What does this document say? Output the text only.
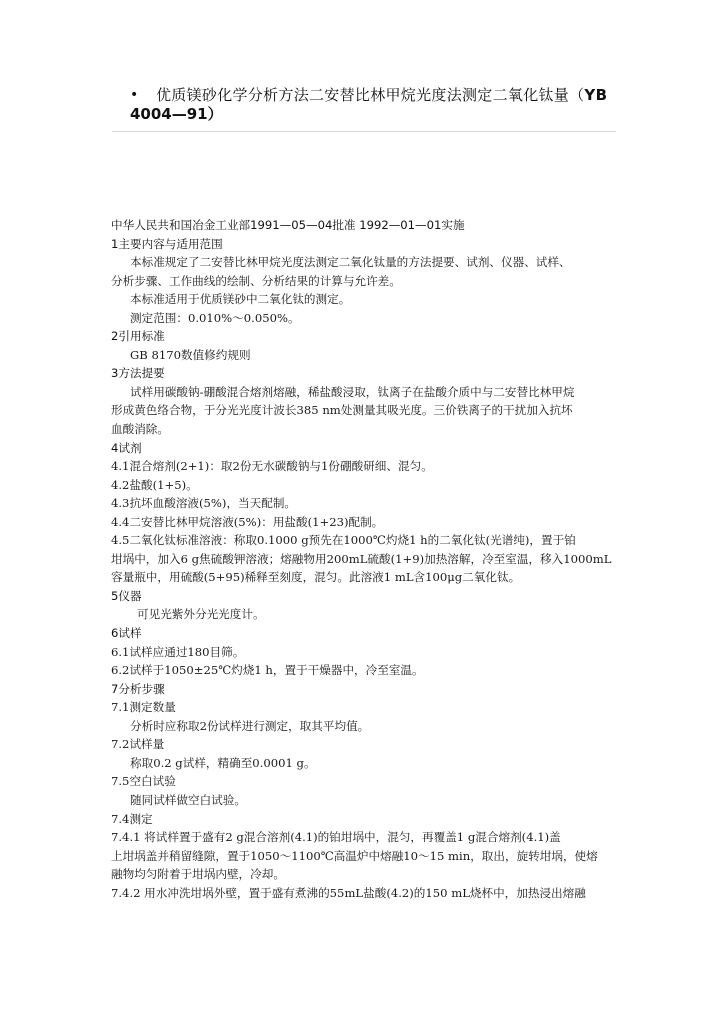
•	优质镁砂化学分析方法二安替比林甲烷光度法测定二氧化钛量（YB
4004—91）
中华人民共和国冶金工业部1991—05—04批准 1992—01—01实施
1主要内容与适用范围
本标准规定了二安替比林甲烷光度法测定二氧化钛量的方法提要、试剂、仪器、试样、
分析步骤、工作曲线的绘制、分析结果的计算与允许差。
本标准适用于优质镁砂中二氧化钛的测定。
测定范围：0.010%～0.050%。
2引用标准
GB 8170数值修约规则
3方法提要
试样用碳酸钠-硼酸混合熔剂熔融，稀盐酸浸取，钛离子在盐酸介质中与二安替比林甲烷
形成黄色络合物，于分光光度计波长385 nm处测量其吸光度。三价铁离子的干扰加入抗坏
血酸消除。
4试剂
4.1混合熔剂(2+1)：取2份无水碳酸钠与1份硼酸研细、混匀。
4.2盐酸(1+5)。
4.3抗坏血酸溶液(5%)，当天配制。
4.4二安替比林甲烷溶液(5%)：用盐酸(1+23)配制。
4.5二氧化钛标准溶液：称取0.1000 g预先在1000℃灼烧1 h的二氧化钛(光谱纯)，置于铂
坩埚中，加入6 g焦硫酸钾溶液；熔融物用200mL硫酸(1+9)加热溶解，冷至室温，移入1000mL
容量瓶中，用硫酸(5+95)稀释至刻度，混匀。此溶液1 mL含100μg二氧化钛。
5仪器
可见光紫外分光光度计。
6试样
6.1试样应通过180目筛。
6.2试样于1050±25℃灼烧1 h，置于干燥器中，冷至室温。
7分析步骤
7.1测定数量
分析时应称取2份试样进行测定，取其平均值。
7.2试样量
称取0.2 g试样，精确至0.0001 g。
7.5空白试验
随同试样做空白试验。
7.4测定
7.4.1 将试样置于盛有2 g混合溶剂(4.1)的铂坩埚中，混匀，再覆盖1 g混合熔剂(4.1)盖
上坩埚盖并稍留缝隙，置于1050～1100℃高温炉中熔融10～15 min，取出，旋转坩埚，使熔
融物均匀附着于坩埚内壁，冷却。
7.4.2 用水冲洗坩埚外壁，置于盛有煮沸的55mL盐酸(4.2)的150 mL烧杯中，加热浸出熔融
